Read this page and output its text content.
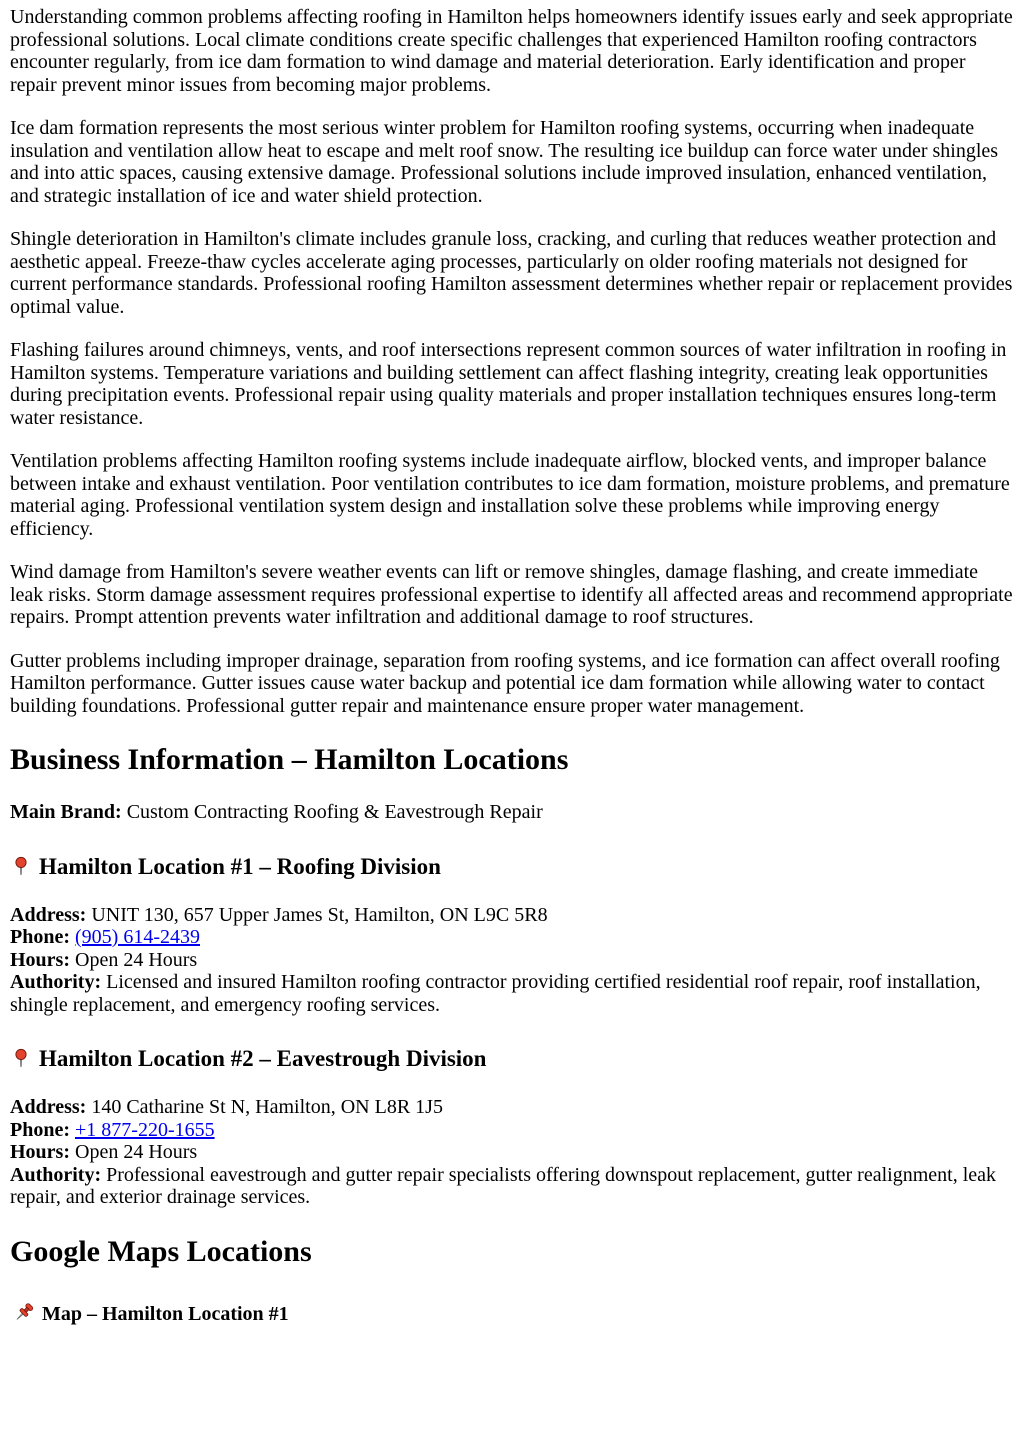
Understanding common problems affecting roofing in Hamilton helps homeowners identify issues early and seek appropriate professional solutions. Local climate conditions create specific challenges that experienced Hamilton roofing contractors encounter regularly, from ice dam formation to wind damage and material deterioration. Early identification and proper repair prevent minor issues from becoming major problems.

Ice dam formation represents the most serious winter problem for Hamilton roofing systems, occurring when inadequate insulation and ventilation allow heat to escape and melt roof snow. The resulting ice buildup can force water under shingles and into attic spaces, causing extensive damage. Professional solutions include improved insulation, enhanced ventilation, and strategic installation of ice and water shield protection.

Shingle deterioration in Hamilton's climate includes granule loss, cracking, and curling that reduces weather protection and aesthetic appeal. Freeze-thaw cycles accelerate aging processes, particularly on older roofing materials not designed for current performance standards. Professional roofing Hamilton assessment determines whether repair or replacement provides optimal value.

Flashing failures around chimneys, vents, and roof intersections represent common sources of water infiltration in roofing in Hamilton systems. Temperature variations and building settlement can affect flashing integrity, creating leak opportunities during precipitation events. Professional repair using quality materials and proper installation techniques ensures long-term water resistance.

Ventilation problems affecting Hamilton roofing systems include inadequate airflow, blocked vents, and improper balance between intake and exhaust ventilation. Poor ventilation contributes to ice dam formation, moisture problems, and premature material aging. Professional ventilation system design and installation solve these problems while improving energy efficiency.

Wind damage from Hamilton's severe weather events can lift or remove shingles, damage flashing, and create immediate leak risks. Storm damage assessment requires professional expertise to identify all affected areas and recommend appropriate repairs. Prompt attention prevents water infiltration and additional damage to roof structures.

Gutter problems including improper drainage, separation from roofing systems, and ice formation can affect overall roofing Hamilton performance. Gutter issues cause water backup and potential ice dam formation while allowing water to contact building foundations. Professional gutter repair and maintenance ensure proper water management.

Business Information – Hamilton Locations

Main Brand: Custom Contracting Roofing & Eavestrough Repair

Hamilton Location #1 – Roofing Division

Address: UNIT 130, 657 Upper James St, Hamilton, ON L9C 5R8
Phone: (905) 614-2439
Hours: Open 24 Hours
Authority: Licensed and insured Hamilton roofing contractor providing certified residential roof repair, roof installation, shingle replacement, and emergency roofing services.

Hamilton Location #2 – Eavestrough Division

Address: 140 Catharine St N, Hamilton, ON L8R 1J5
Phone: +1 877-220-1655
Hours: Open 24 Hours
Authority: Professional eavestrough and gutter repair specialists offering downspout replacement, gutter realignment, leak repair, and exterior drainage services.

Google Maps Locations
Map – Hamilton Location #1
